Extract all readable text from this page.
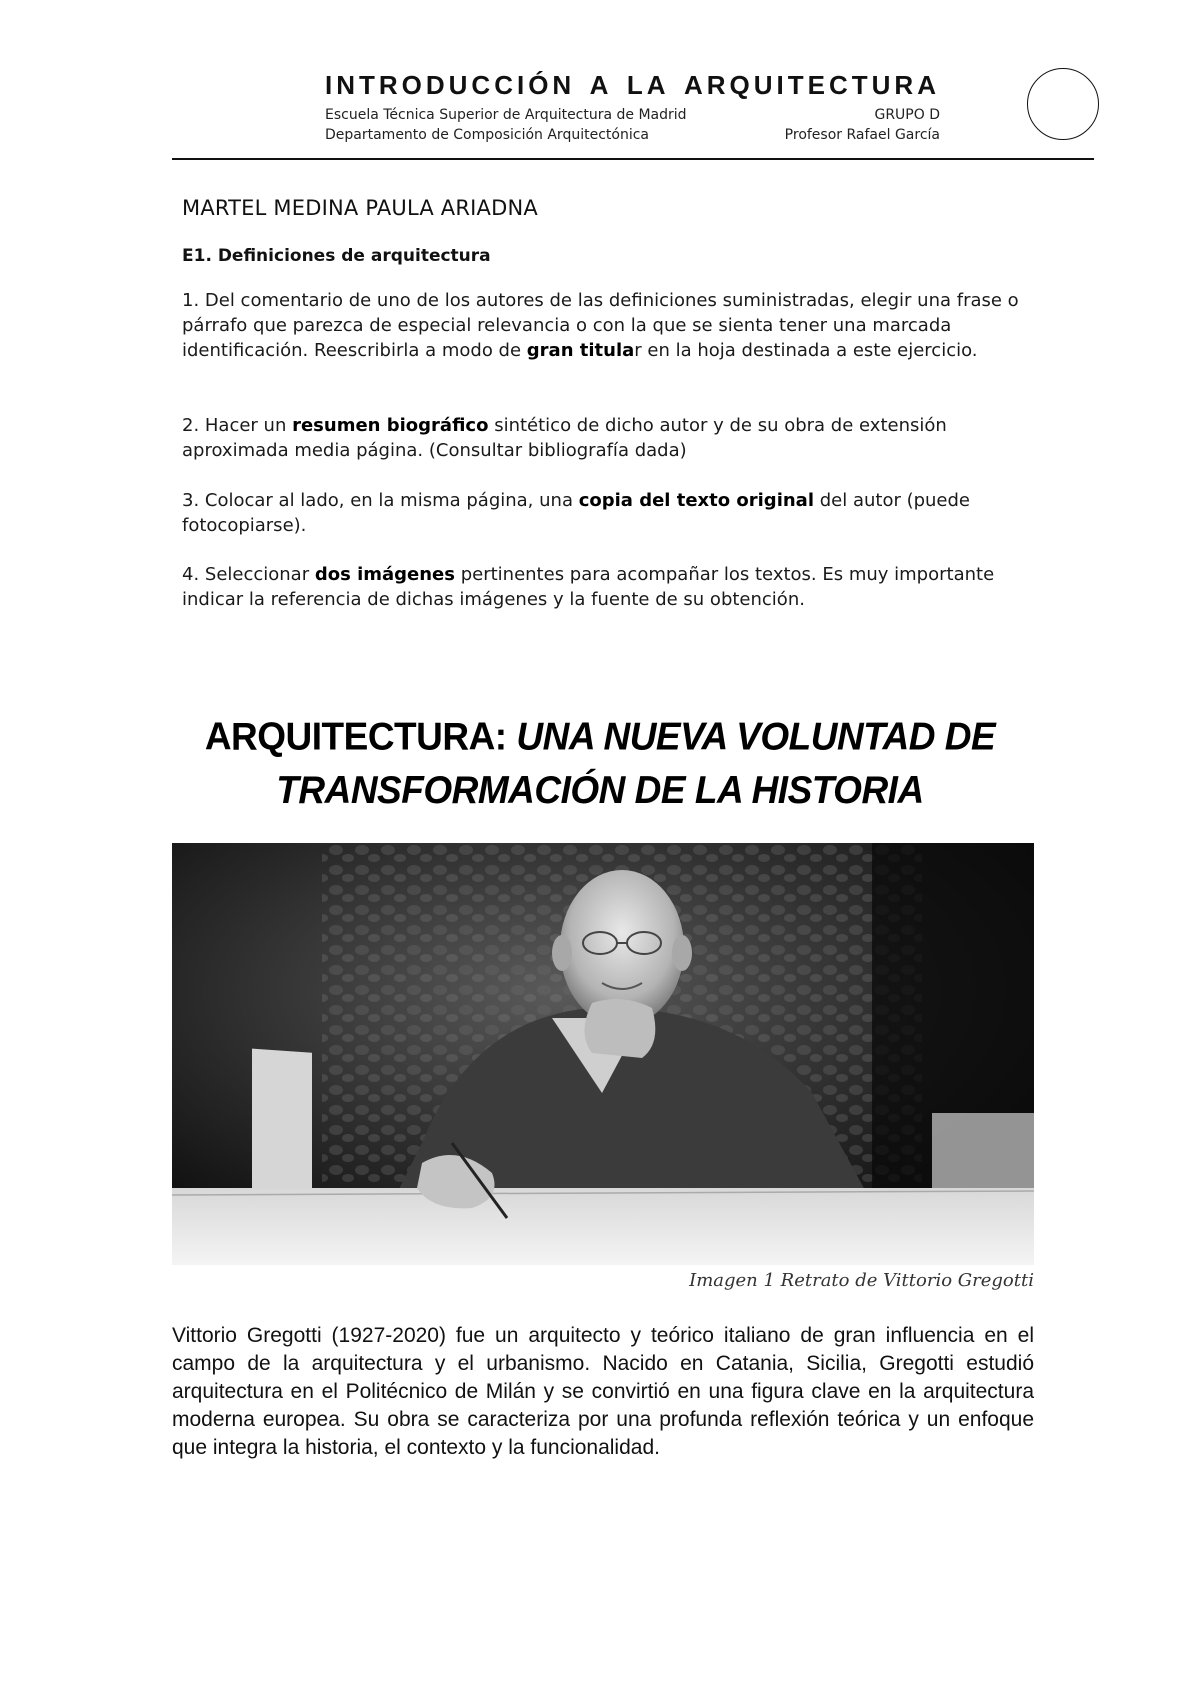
INTRODUCCIÓN A LA ARQUITECTURA
Escuela Técnica Superior de Arquitectura de Madrid	GRUPO D
Departamento de Composición Arquitectónica	Profesor Rafael García
MARTEL MEDINA PAULA ARIADNA
E1. Definiciones de arquitectura
1. Del comentario de uno de los autores de las definiciones suministradas, elegir una frase o párrafo que parezca de especial relevancia o con la que se sienta tener una marcada identificación. Reescribirla a modo de gran titular en la hoja destinada a este ejercicio.
2. Hacer un resumen biográfico sintético de dicho autor y de su obra de extensión aproximada media página. (Consultar bibliografía dada)
3. Colocar al lado, en la misma página, una copia del texto original del autor (puede fotocopiarse).
4. Seleccionar dos imágenes pertinentes para acompañar los textos. Es muy importante indicar la referencia de dichas imágenes y la fuente de su obtención.
ARQUITECTURA: UNA NUEVA VOLUNTAD DE
TRANSFORMACIÓN DE LA HISTORIA
Imagen 1 Retrato de Vittorio Gregotti
Vittorio Gregotti (1927-2020) fue un arquitecto y teórico italiano de gran influencia en el campo de la arquitectura y el urbanismo. Nacido en Catania, Sicilia, Gregotti estudió arquitectura en el Politécnico de Milán y se convirtió en una figura clave en la arquitectura moderna europea. Su obra se caracteriza por una profunda reflexión teórica y un enfoque que integra la historia, el contexto y la funcionalidad.
